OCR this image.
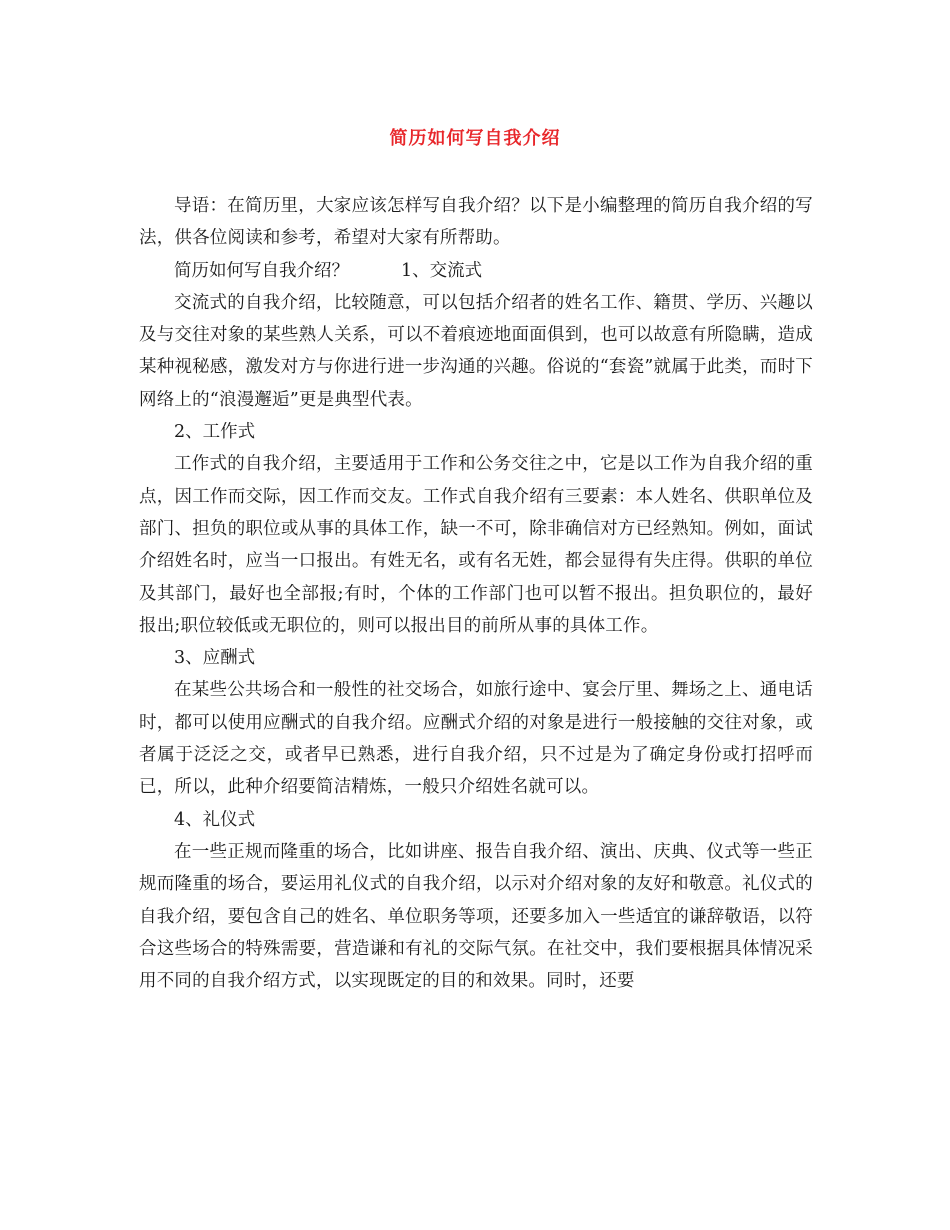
简历如何写自我介绍

导语：在简历里，大家应该怎样写自我介绍？以下是小编整理的简历自我介绍的写法，供各位阅读和参考，希望对大家有所帮助。

简历如何写自我介绍？	1、交流式

交流式的自我介绍，比较随意，可以包括介绍者的姓名工作、籍贯、学历、兴趣以及与交往对象的某些熟人关系，可以不着痕迹地面面俱到，也可以故意有所隐瞒，造成某种视秘感，激发对方与你进行进一步沟通的兴趣。俗说的“套瓷”就属于此类，而时下网络上的“浪漫邂逅”更是典型代表。

2、工作式

工作式的自我介绍，主要适用于工作和公务交往之中，它是以工作为自我介绍的重点，因工作而交际，因工作而交友。工作式自我介绍有三要素：本人姓名、供职单位及部门、担负的职位或从事的具体工作，缺一不可，除非确信对方已经熟知。例如，面试介绍姓名时，应当一口报出。有姓无名，或有名无姓，都会显得有失庄得。供职的单位及其部门，最好也全部报;有时，个体的工作部门也可以暂不报出。担负职位的，最好报出;职位较低或无职位的，则可以报出目的前所从事的具体工作。

3、应酬式

在某些公共场合和一般性的社交场合，如旅行途中、宴会厅里、舞场之上、通电话时，都可以使用应酬式的自我介绍。应酬式介绍的对象是进行一般接触的交往对象，或者属于泛泛之交，或者早已熟悉，进行自我介绍，只不过是为了确定身份或打招呼而已，所以，此种介绍要简洁精炼，一般只介绍姓名就可以。

4、礼仪式

在一些正规而隆重的场合，比如讲座、报告自我介绍、演出、庆典、仪式等一些正规而隆重的场合，要运用礼仪式的自我介绍，以示对介绍对象的友好和敬意。礼仪式的自我介绍，要包含自己的姓名、单位职务等项，还要多加入一些适宜的谦辞敬语，以符合这些场合的特殊需要，营造谦和有礼的交际气氛。在社交中，我们要根据具体情况采用不同的自我介绍方式，以实现既定的目的和效果。同时，还要
